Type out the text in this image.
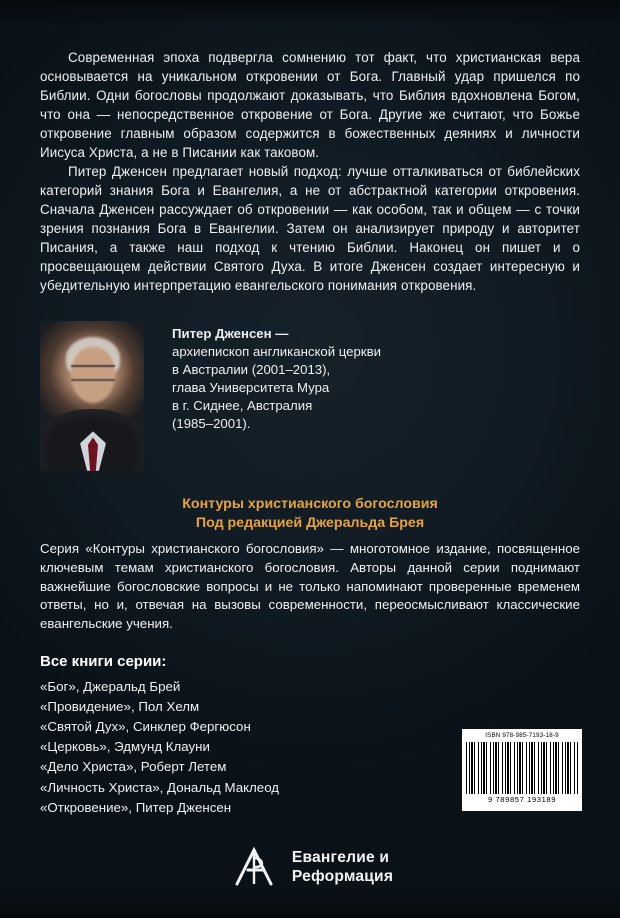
Современная эпоха подвергла сомнению тот факт, что христианская вера основывается на уникальном откровении от Бога. Главный удар пришелся по Библии. Одни богословы продолжают доказывать, что Библия вдохновлена Богом, что она — непосредственное откровение от Бога. Другие же считают, что Божье откровение главным образом содержится в божественных деяниях и личности Иисуса Христа, а не в Писании как таковом.

Питер Дженсен предлагает новый подход: лучше отталкиваться от библейских категорий знания Бога и Евангелия, а не от абстрактной категории откровения. Сначала Дженсен рассуждает об откровении — как особом, так и общем — с точки зрения познания Бога в Евангелии. Затем он анализирует природу и авторитет Писания, а также наш подход к чтению Библии. Наконец он пишет и о просвещающем действии Святого Духа. В итоге Дженсен создает интересную и убедительную интерпретацию евангельского понимания откровения.

Питер Дженсен —
архиепископ англиканской церкви
в Австралии (2001–2013),
глава Университета Мура
в г. Сиднее, Австралия
(1985–2001).
Контуры христианского богословия
Под редакцией Джеральда Брея
Серия «Контуры христианского богословия» — многотомное издание, посвященное ключевым темам христианского богословия. Авторы данной серии поднимают важнейшие богословские вопросы и не только напоминают проверенные временем ответы, но и, отвечая на вызовы современности, переосмысливают классические евангельские учения.
Все книги серии:
«Бог», Джеральд Брей
«Провидение», Пол Хелм
«Святой Дух», Синклер Фергюсон
«Церковь», Эдмунд Клауни
«Дело Христа», Роберт Летем
«Личность Христа», Дональд Маклеод
«Откровение», Питер Дженсен
ISBN 978-985-7193-18-9
9 789857 193189
Евангелие и
Реформация
